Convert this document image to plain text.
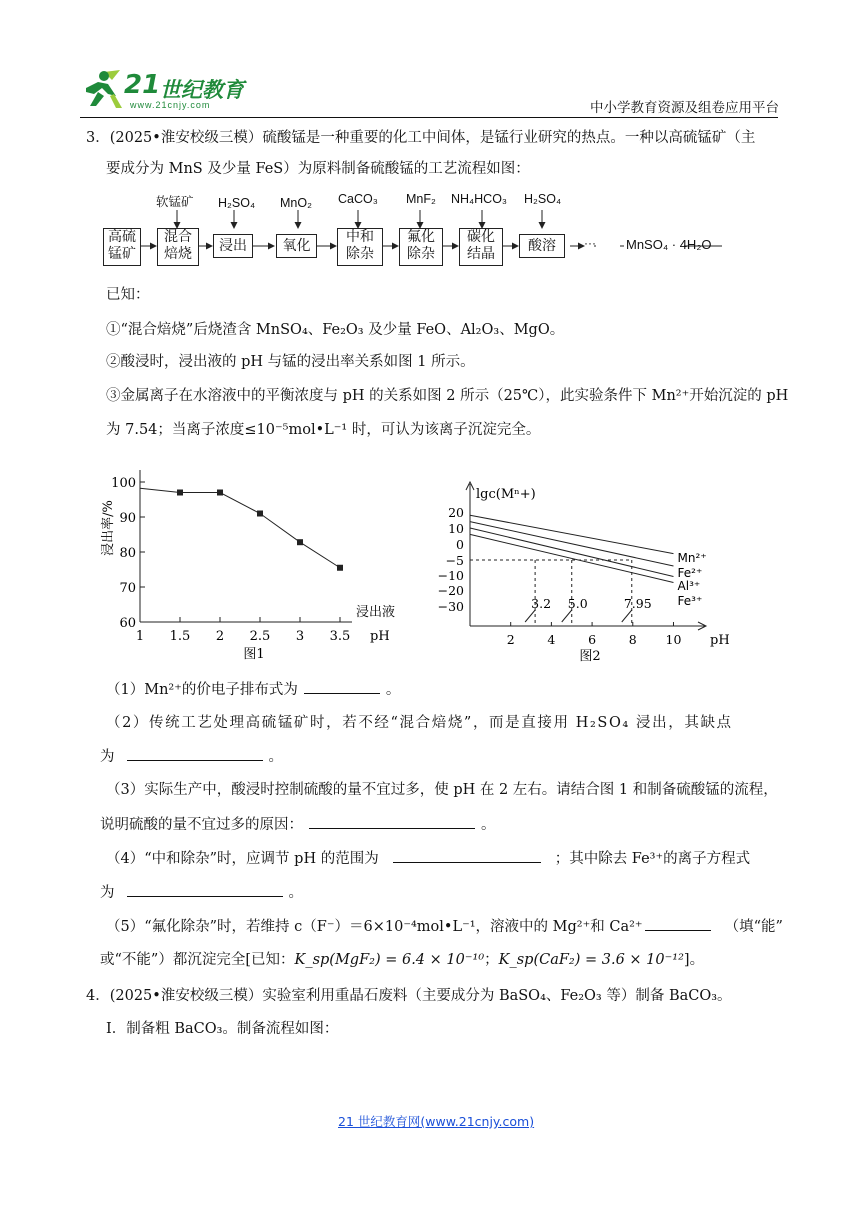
21 世纪教育
www.21cnjy.com	中小学教育资源及组卷应用平台
3．(2025•淮安校级三模）硫酸锰是一种重要的化工中间体，是锰行业研究的热点。一种以高硫锰矿（主
要成分为 MnS 及少量 FeS）为原料制备硫酸锰的工艺流程如图：
高硫
锰矿
混合
焙烧	浸出	氧化
中和
除杂
氟化
除杂
碳化
结晶	酸溶
软锰矿 H₂SO₄ MnO₂ CaCO₃ MnF₂ NH₄HCO₃ H₂SO₄
··· MnSO₄ · 4H₂O
已知：
①“混合焙烧”后烧渣含 MnSO₄、Fe₂O₃ 及少量 FeO、Al₂O₃、MgO。
②酸浸时，浸出液的 pH 与锰的浸出率关系如图 1 所示。
③金属离子在水溶液中的平衡浓度与 pH 的关系如图 2 所示（25℃），此实验条件下 Mn²⁺开始沉淀的 pH
为 7.54；当离子浓度≤10⁻⁵mol•L⁻¹ 时，可认为该离子沉淀完全。
60
70
80
90
100
1 1.5 2 2.5 3 3.5
浸出率/%
浸出液
pH
图1
20
10
0
−5
−10
−20
−30
2	4	6	8 10
3.2 5.0	7.95
Mn²⁺
Fe²⁺
Al³⁺
Fe³⁺
lgc(Mⁿ+)
pH
图2
（1）Mn²⁺的价电子排布式为	。
（2）传统工艺处理高硫锰矿时，若不经“混合焙烧”，而是直接用 H₂SO₄ 浸出，其缺点
为	。
（3）实际生产中，酸浸时控制硫酸的量不宜过多，使 pH 在 2 左右。请结合图 1 和制备硫酸锰的流程，
说明硫酸的量不宜过多的原因：	。
（4）“中和除杂”时，应调节 pH 的范围为	；其中除去 Fe³⁺的离子方程式
为	。
（5）“氟化除杂”时，若维持 c（F⁻）＝6×10⁻⁴mol•L⁻¹，溶液中的 Mg²⁺和 Ca²⁺	（填“能”
或“不能”）都沉淀完全[已知：K_sp(MgF₂) = 6.4 × 10⁻¹⁰；K_sp(CaF₂) = 3.6 × 10⁻¹²]。
4．(2025•淮安校级三模）实验室利用重晶石废料（主要成分为 BaSO₄、Fe₂O₃ 等）制备 BaCO₃。
Ⅰ．制备粗 BaCO₃。制备流程如图：
21 世纪教育网(www.21cnjy.com)
